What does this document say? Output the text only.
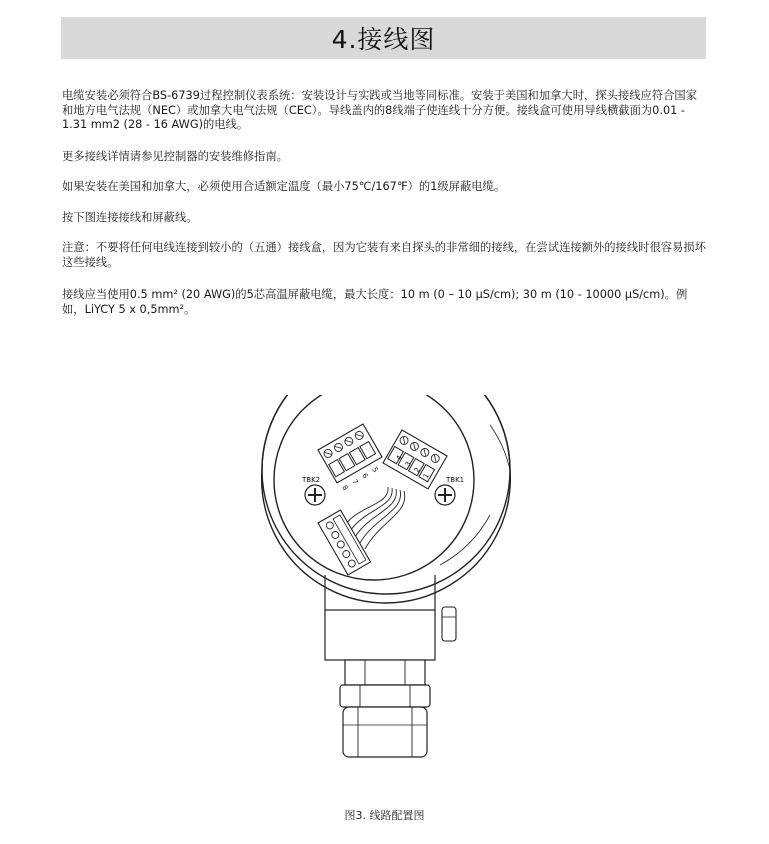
4.接线图

电缆安装必须符合BS-6739过程控制仪表系统：安装设计与实践或当地等同标准。安装于美国和加拿大时，探头接线应符合国家和地方电气法规（NEC）或加拿大电气法规（CEC）。导线盖内的8线端子使连线十分方便。接线盒可使用导线横截面为0.01 - 1.31 mm2 (28 - 16 AWG)的电线。

更多接线详情请参见控制器的安装维修指南。

如果安装在美国和加拿大，必须使用合适额定温度（最小75℃/167℉）的1级屏蔽电缆。

按下图连接接线和屏蔽线。

注意：不要将任何电线连接到较小的（五通）接线盒，因为它装有来自探头的非常细的接线，在尝试连接额外的接线时很容易损坏这些接线。

接线应当使用0.5 mm² (20 AWG)的5芯高温屏蔽电缆，最大长度：10 m (0 – 10 μS/cm); 30 m (10 - 10000 μS/cm)。例如，LiYCY 5 x 0,5mm²。

8
7
6
5
TBK2
4
3
2
1 TBK1
图3. 线路配置图
